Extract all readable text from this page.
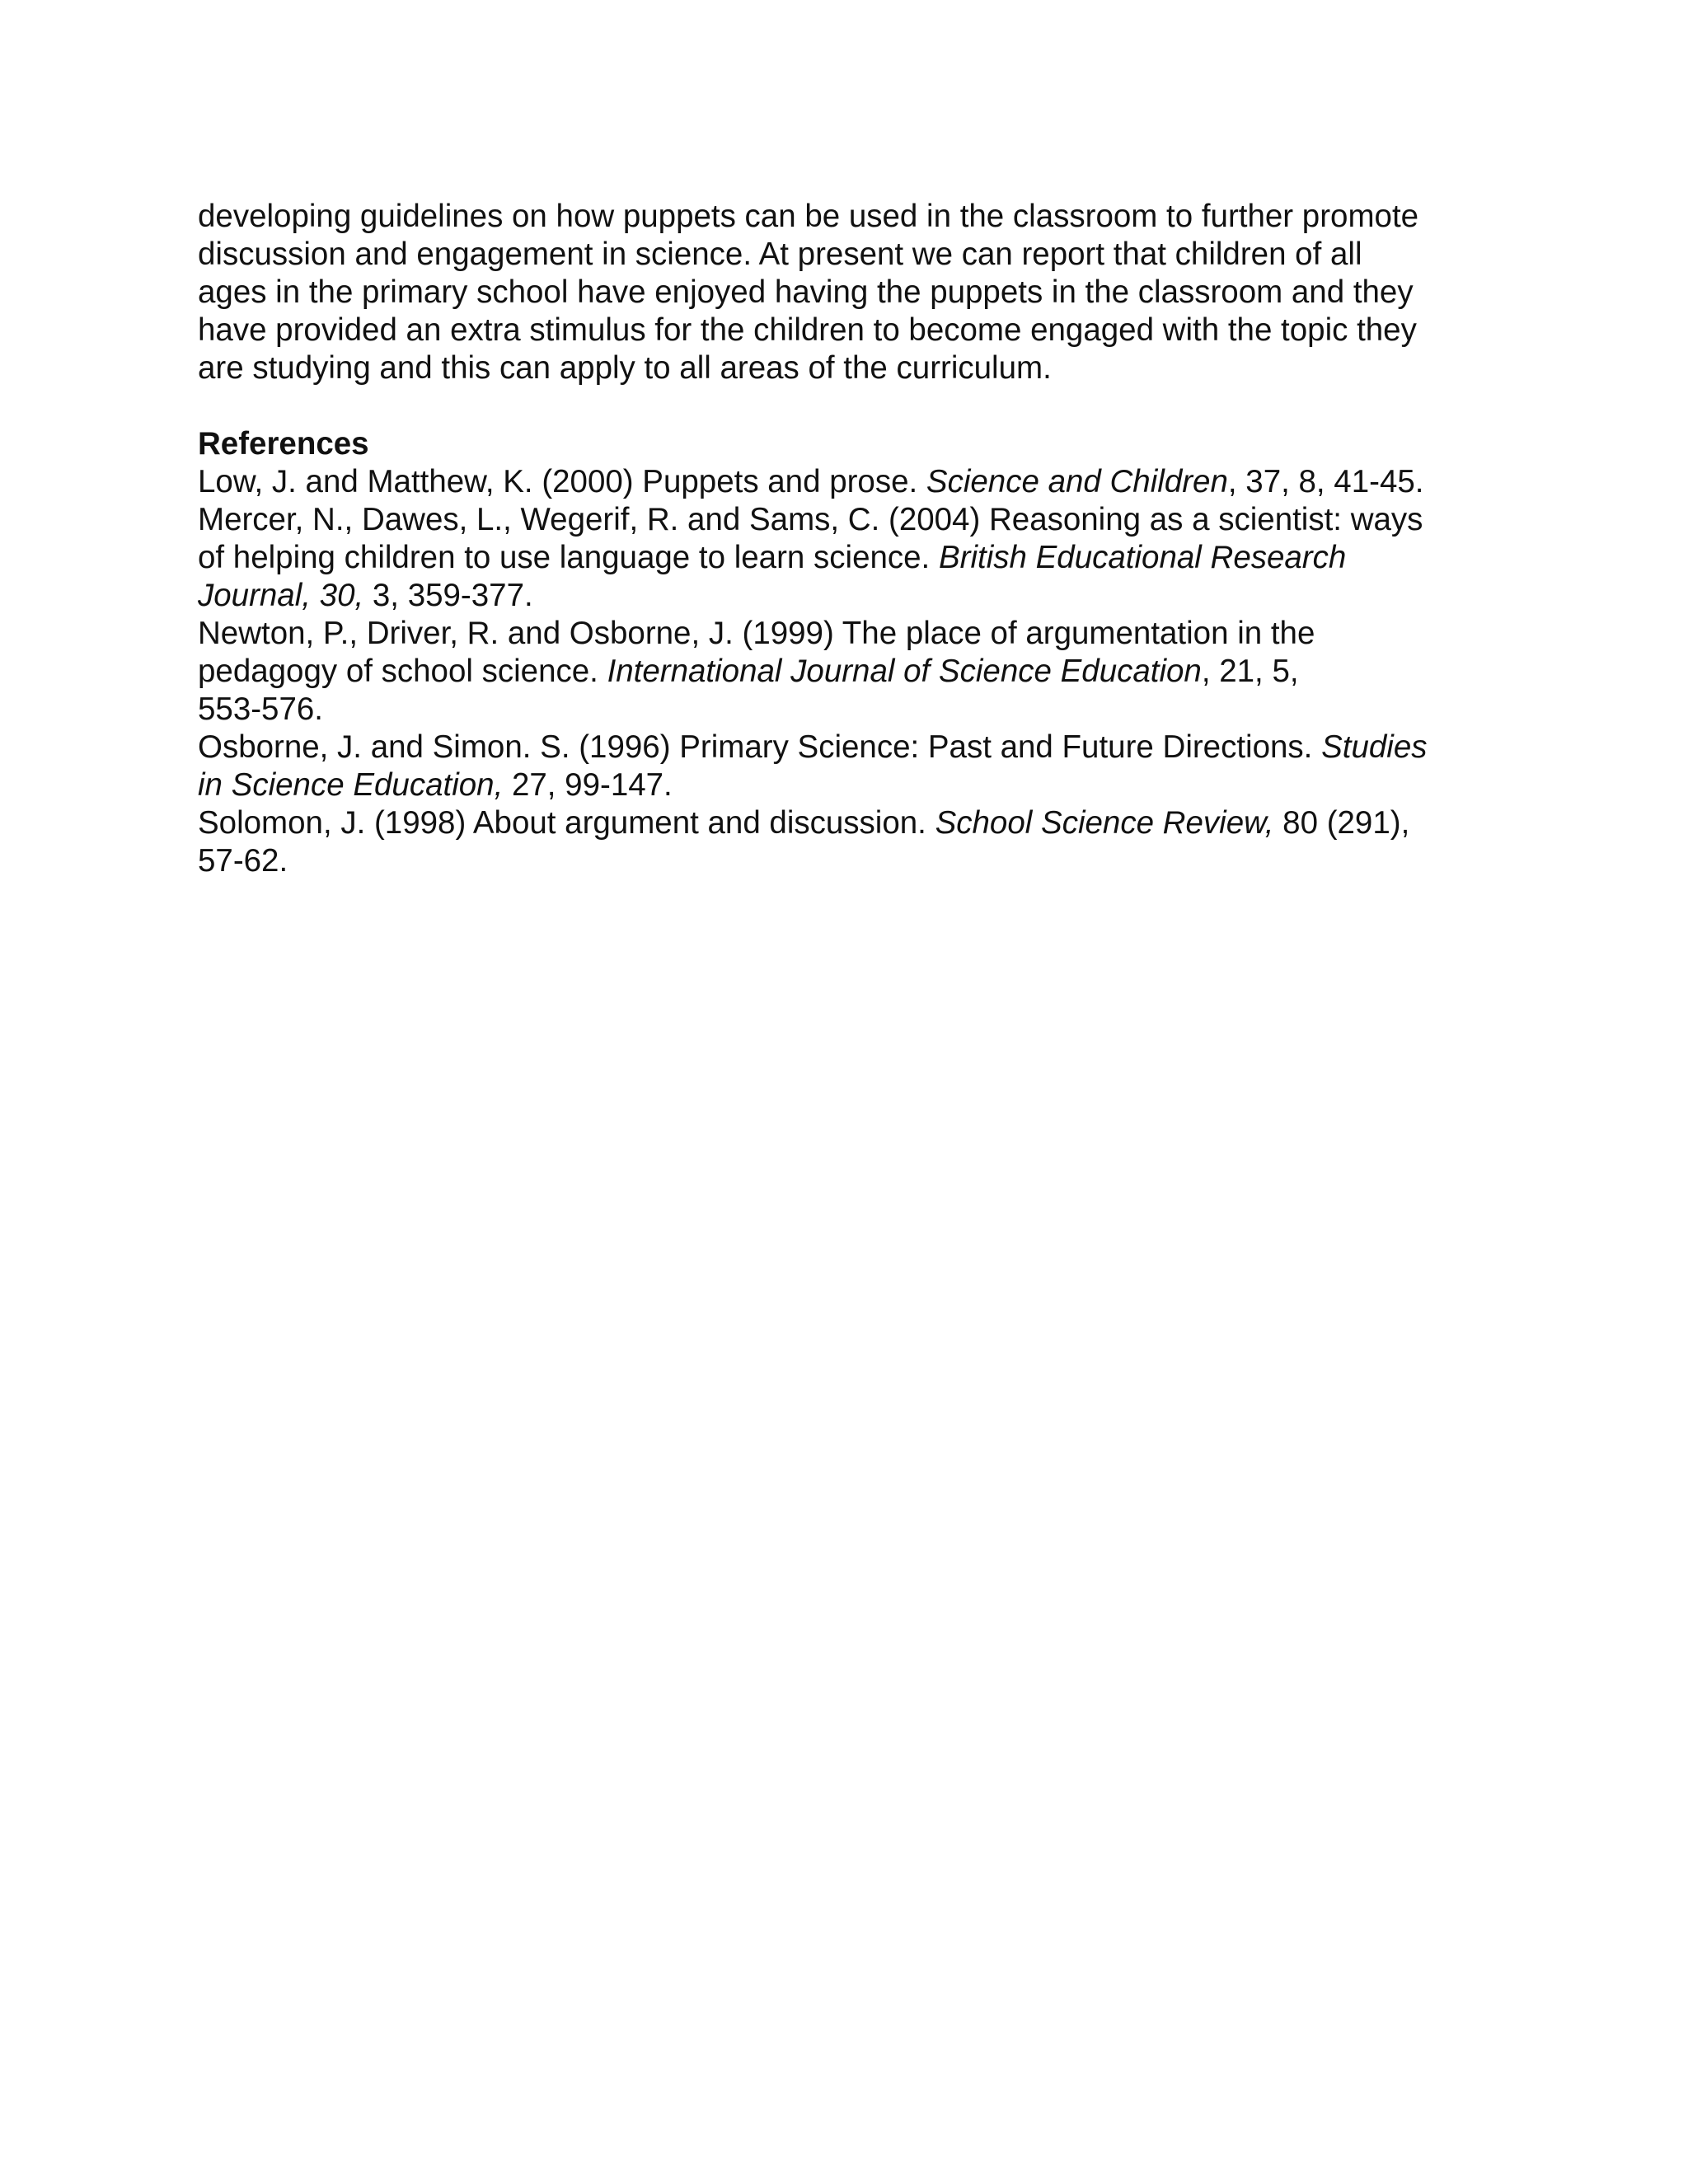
developing guidelines on how puppets can be used in the classroom to further promote
discussion and engagement in science. At present we can report that children of all
ages in the primary school have enjoyed having the puppets in the classroom and they
have provided an extra stimulus for the children to become engaged with the topic they
are studying and this can apply to all areas of the curriculum.
References
Low, J. and Matthew, K. (2000) Puppets and prose. Science and Children, 37, 8, 41-45.
Mercer, N., Dawes, L., Wegerif, R. and Sams, C. (2004) Reasoning as a scientist: ways
of helping children to use language to learn science. British Educational Research
Journal, 30, 3, 359-377.
Newton, P., Driver, R. and Osborne, J. (1999) The place of argumentation in the
pedagogy of school science. International Journal of Science Education, 21, 5,
553-576.
Osborne, J. and Simon. S. (1996) Primary Science: Past and Future Directions. Studies
in Science Education, 27, 99-147.
Solomon, J. (1998) About argument and discussion. School Science Review, 80 (291),
57-62.
